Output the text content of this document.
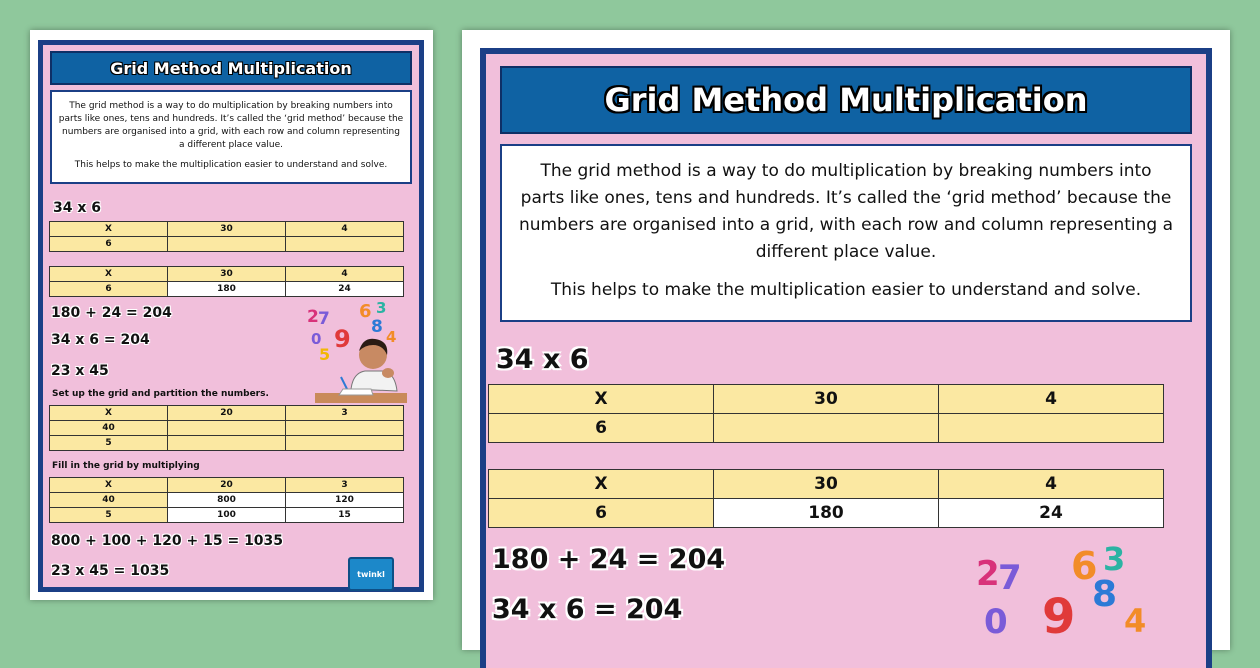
Grid Method Multiplication

The grid method is a way to do multiplication by breaking numbers into parts like ones, tens and hundreds. It’s called the ‘grid method’ because the numbers are organised into a grid, with each row and column representing a different place value.

This helps to make the multiplication easier to understand and solve.

34 x 6
X	30	4
6		
X	30	4
6	180	24
180 + 24 = 204
34 x 6 = 204
2 7 6 3
8
9 4
0
5
23 x 45
Set up the grid and partition the numbers.
X	20	3
40		
5		
Fill in the grid by multiplying
X	20	3
40	800	120
5	100	15
800 + 100 + 120 + 15 = 1035
23 x 45 = 1035	twinkl
Grid Method Multiplication

The grid method is a way to do multiplication by breaking numbers into parts like ones, tens and hundreds. It’s called the ‘grid method’ because the numbers are organised into a grid, with each row and column representing a different place value.

This helps to make the multiplication easier to understand and solve.

34 x 6
X	30	4
6		
X	30	4
6	180	24
180 + 24 = 204
34 x 6 = 204
2
7 6 3
8
9 4
0
